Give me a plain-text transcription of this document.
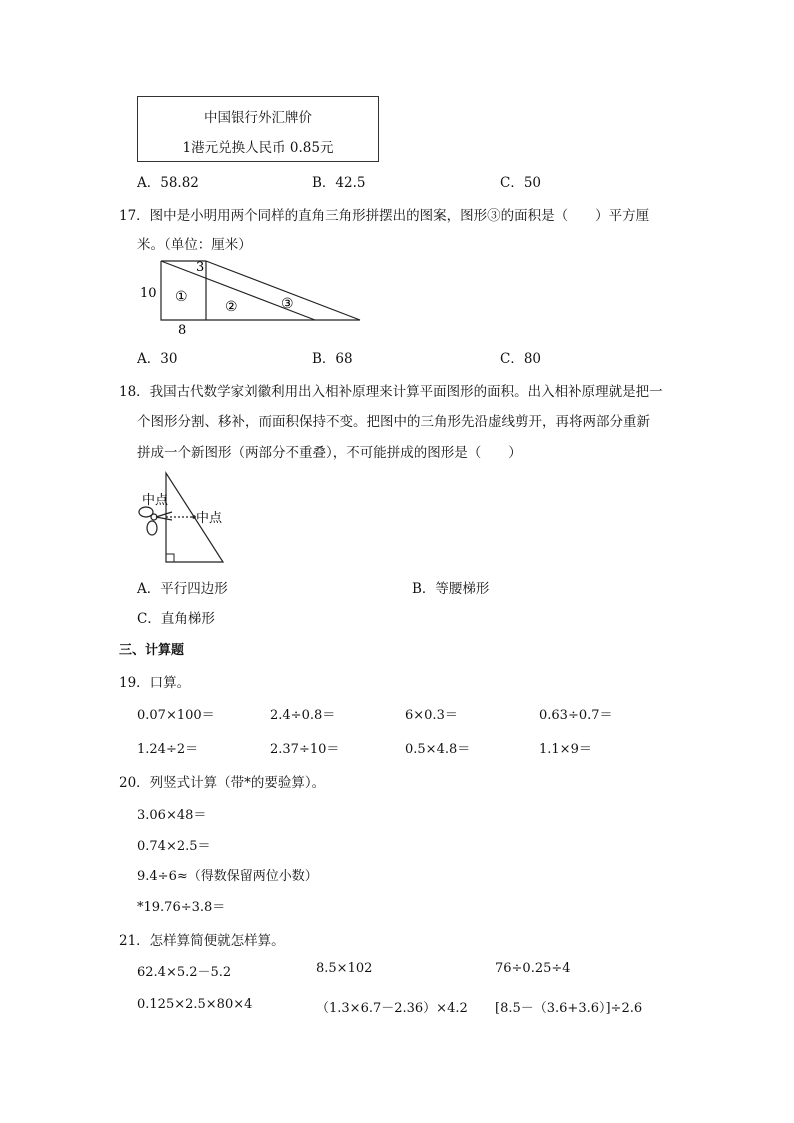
中国银行外汇牌价
1港元兑换人民币 0.85元
A．58.82	B．42.5	C．50
17．图中是小明用两个同样的直角三角形拼摆出的图案，图形③的面积是（　　）平方厘
米。（单位：厘米）
3
10
8
①
②	③
A．30	B．68	C．80
18．我国古代数学家刘徽利用出入相补原理来计算平面图形的面积。出入相补原理就是把一
个图形分割、移补，而面积保持不变。把图中的三角形先沿虚线剪开，再将两部分重新
拼成一个新图形（两部分不重叠），不可能拼成的图形是（　　）
中点
中点
A．平行四边形	B．等腰梯形
C．直角梯形
三、计算题
19．口算。
0.07×100＝	2.4÷0.8＝	6×0.3＝	0.63÷0.7＝
1.24÷2＝	2.37÷10＝	0.5×4.8＝	1.1×9＝
20．列竖式计算（带*的要验算）。
3.06×48＝
0.74×2.5＝
9.4÷6≈（得数保留两位小数）
*19.76÷3.8＝
21．怎样算简便就怎样算。
62.4×5.2－5.2	8.5×102	76÷0.25÷4
0.125×2.5×80×4	（1.3×6.7－2.36）×4.2 [8.5－（3.6+3.6）]÷2.6
